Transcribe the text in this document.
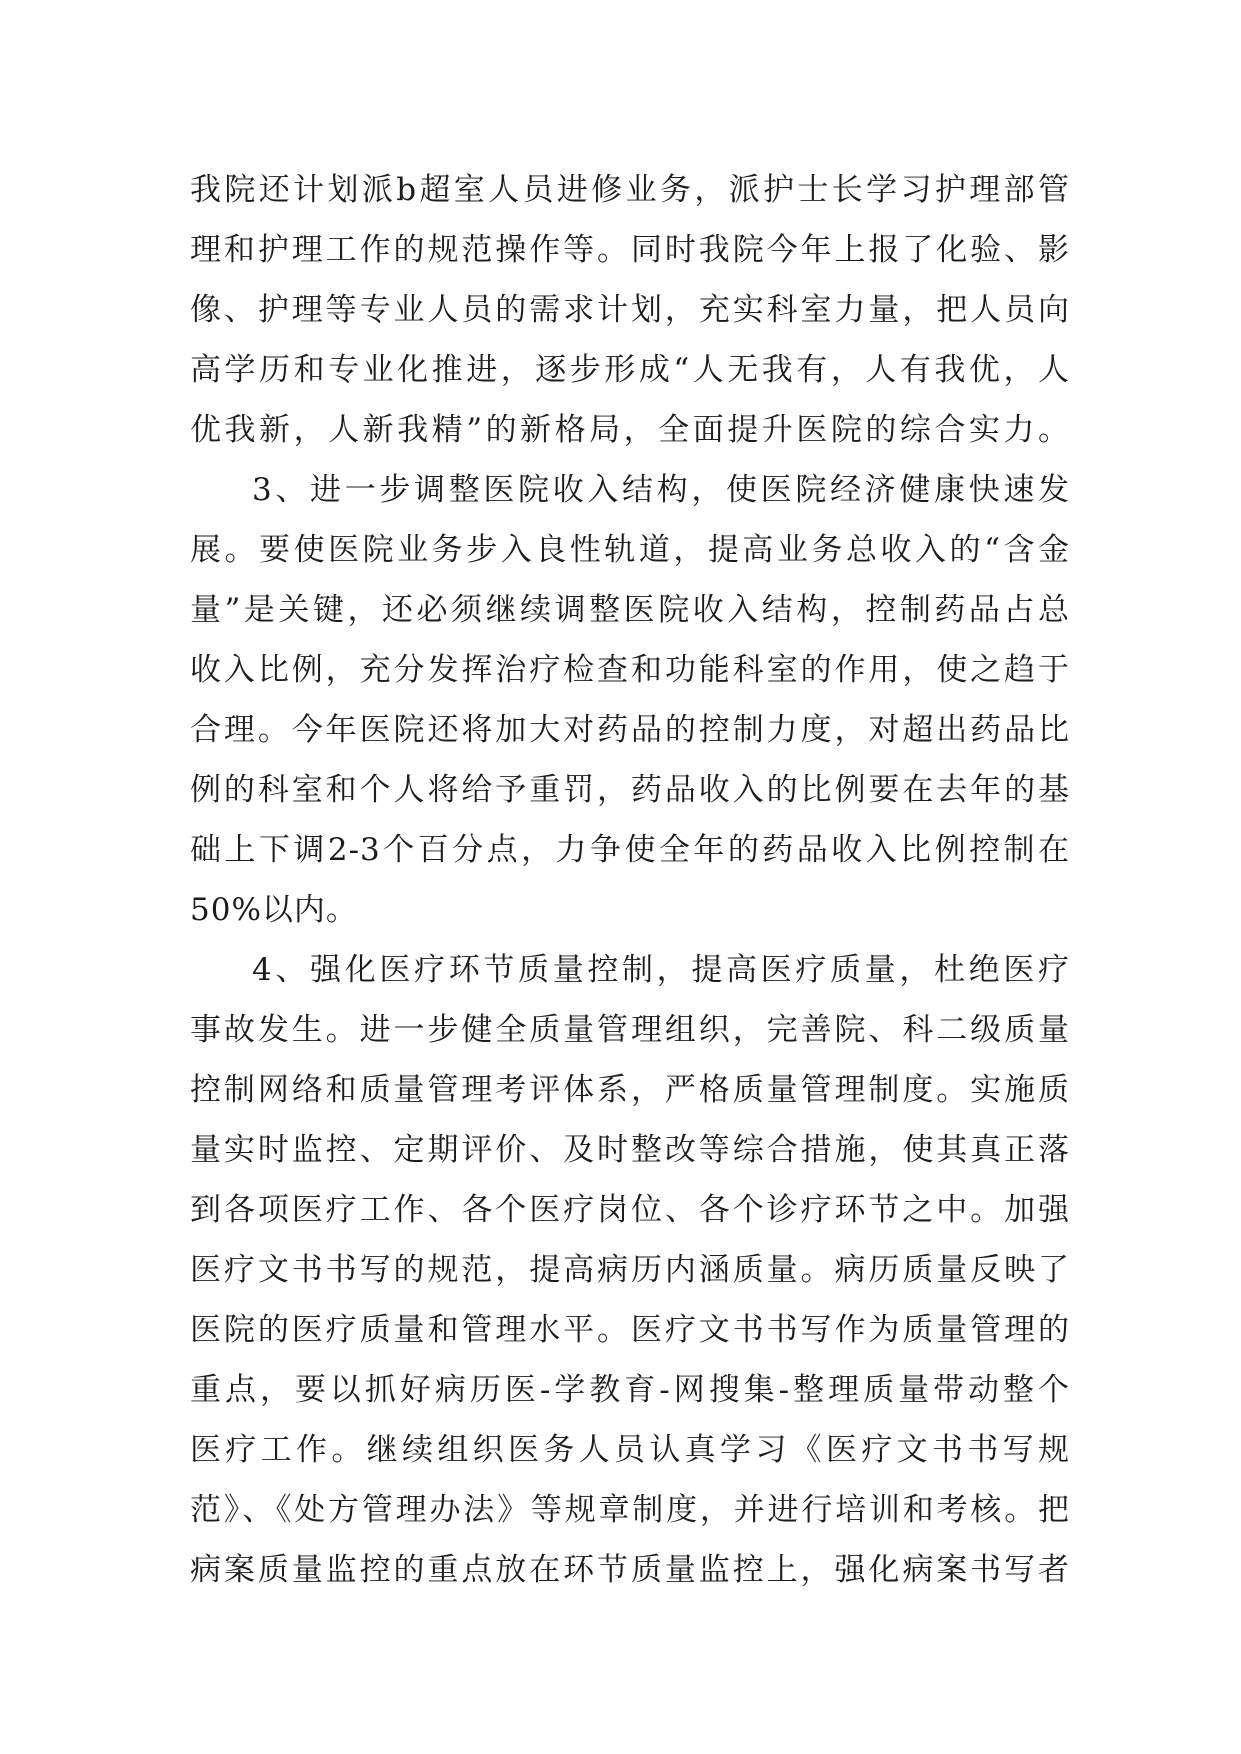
我院还计划派b超室人员进修业务，派护士长学习护理部管
理和护理工作的规范操作等。同时我院今年上报了化验、影
像、护理等专业人员的需求计划，充实科室力量，把人员向
高学历和专业化推进，逐步形成“人无我有，人有我优，人
优我新，人新我精”的新格局，全面提升医院的综合实力。
3、进一步调整医院收入结构，使医院经济健康快速发
展。要使医院业务步入良性轨道，提高业务总收入的“含金
量”是关键，还必须继续调整医院收入结构，控制药品占总
收入比例，充分发挥治疗检查和功能科室的作用，使之趋于
合理。今年医院还将加大对药品的控制力度，对超出药品比
例的科室和个人将给予重罚，药品收入的比例要在去年的基
础上下调2-3个百分点，力争使全年的药品收入比例控制在
50%以内。
4、强化医疗环节质量控制，提高医疗质量，杜绝医疗
事故发生。进一步健全质量管理组织，完善院、科二级质量
控制网络和质量管理考评体系，严格质量管理制度。实施质
量实时监控、定期评价、及时整改等综合措施，使其真正落
到各项医疗工作、各个医疗岗位、各个诊疗环节之中。加强
医疗文书书写的规范，提高病历内涵质量。病历质量反映了
医院的医疗质量和管理水平。医疗文书书写作为质量管理的
重点，要以抓好病历医-学教育-网搜集-整理质量带动整个
医疗工作。继续组织医务人员认真学习《医疗文书书写规
范》、《处方管理办法》等规章制度，并进行培训和考核。把
病案质量监控的重点放在环节质量监控上，强化病案书写者
